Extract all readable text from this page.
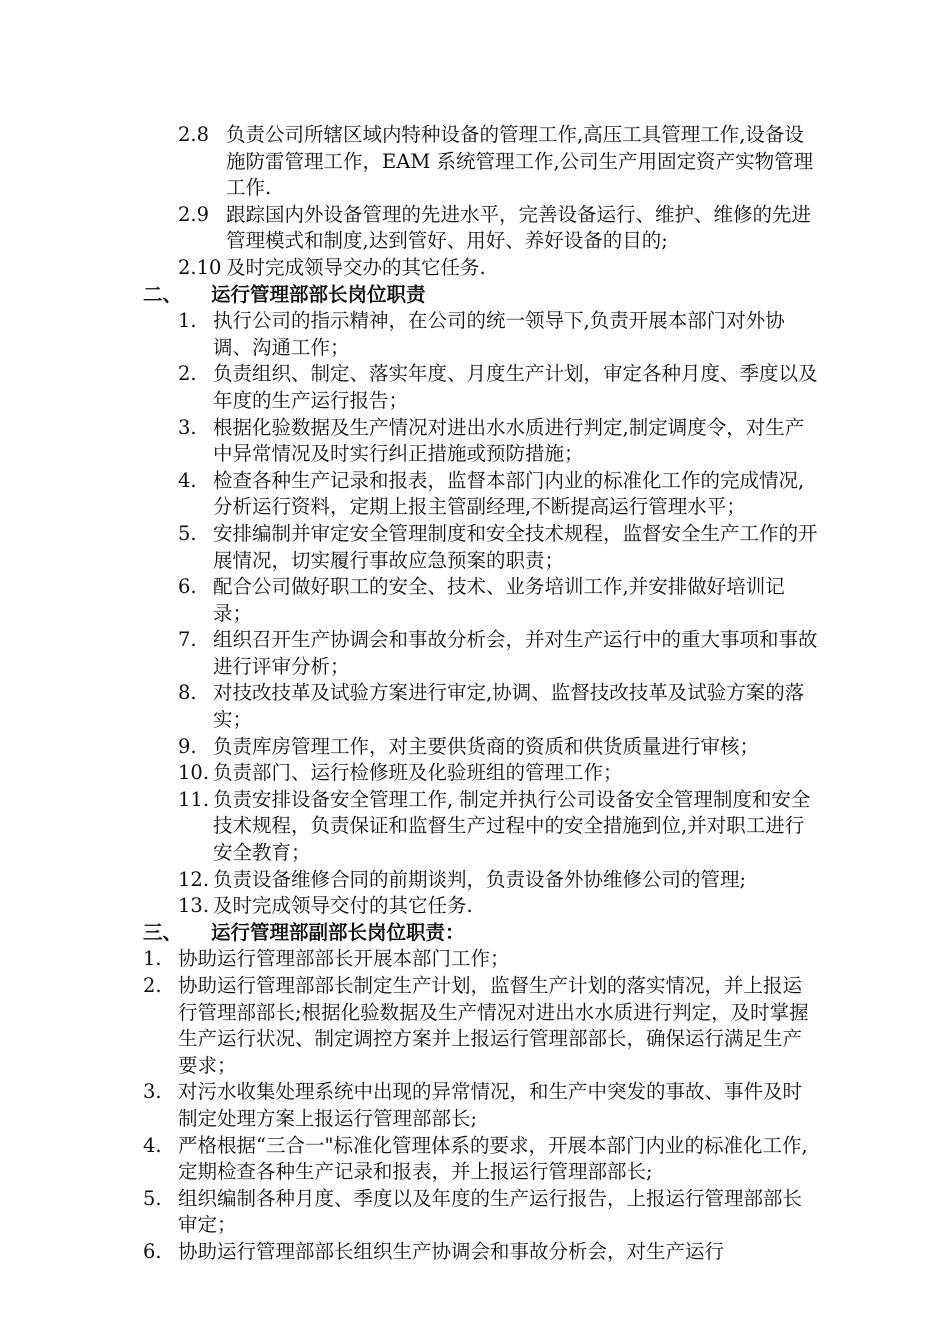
2.8 负责公司所辖区域内特种设备的管理工作,高压工具管理工作,设备设施防雷管理工作，EAM 系统管理工作,公司生产用固定资产实物管理工作.
2.9 跟踪国内外设备管理的先进水平，完善设备运行、维护、维修的先进管理模式和制度,达到管好、用好、养好设备的目的;
2.10 及时完成领导交办的其它任务.
二、	运行管理部部长岗位职责
1. 执行公司的指示精神，在公司的统一领导下,负责开展本部门对外协调、沟通工作；
2. 负责组织、制定、落实年度、月度生产计划，审定各种月度、季度以及年度的生产运行报告；
3. 根据化验数据及生产情况对进出水水质进行判定,制定调度令，对生产中异常情况及时实行纠正措施或预防措施；
4. 检查各种生产记录和报表，监督本部门内业的标准化工作的完成情况,分析运行资料，定期上报主管副经理,不断提高运行管理水平；
5. 安排编制并审定安全管理制度和安全技术规程，监督安全生产工作的开展情况，切实履行事故应急预案的职责；
6. 配合公司做好职工的安全、技术、业务培训工作,并安排做好培训记录；
7. 组织召开生产协调会和事故分析会，并对生产运行中的重大事项和事故进行评审分析；
8. 对技改技革及试验方案进行审定,协调、监督技改技革及试验方案的落实；
9. 负责库房管理工作，对主要供货商的资质和供货质量进行审核；
10. 负责部门、运行检修班及化验班组的管理工作；
11. 负责安排设备安全管理工作, 制定并执行公司设备安全管理制度和安全技术规程，负责保证和监督生产过程中的安全措施到位,并对职工进行安全教育；
12. 负责设备维修合同的前期谈判，负责设备外协维修公司的管理;
13. 及时完成领导交付的其它任务.
三、	运行管理部副部长岗位职责：
1. 协助运行管理部部长开展本部门工作；
2. 协助运行管理部部长制定生产计划，监督生产计划的落实情况，并上报运行管理部部长;根据化验数据及生产情况对进出水水质进行判定，及时掌握生产运行状况、制定调控方案并上报运行管理部部长，确保运行满足生产要求；
3. 对污水收集处理系统中出现的异常情况，和生产中突发的事故、事件及时制定处理方案上报运行管理部部长;
4. 严格根据“三合一"标准化管理体系的要求，开展本部门内业的标准化工作,定期检查各种生产记录和报表，并上报运行管理部部长;
5. 组织编制各种月度、季度以及年度的生产运行报告，上报运行管理部部长审定；
6. 协助运行管理部部长组织生产协调会和事故分析会，对生产运行
